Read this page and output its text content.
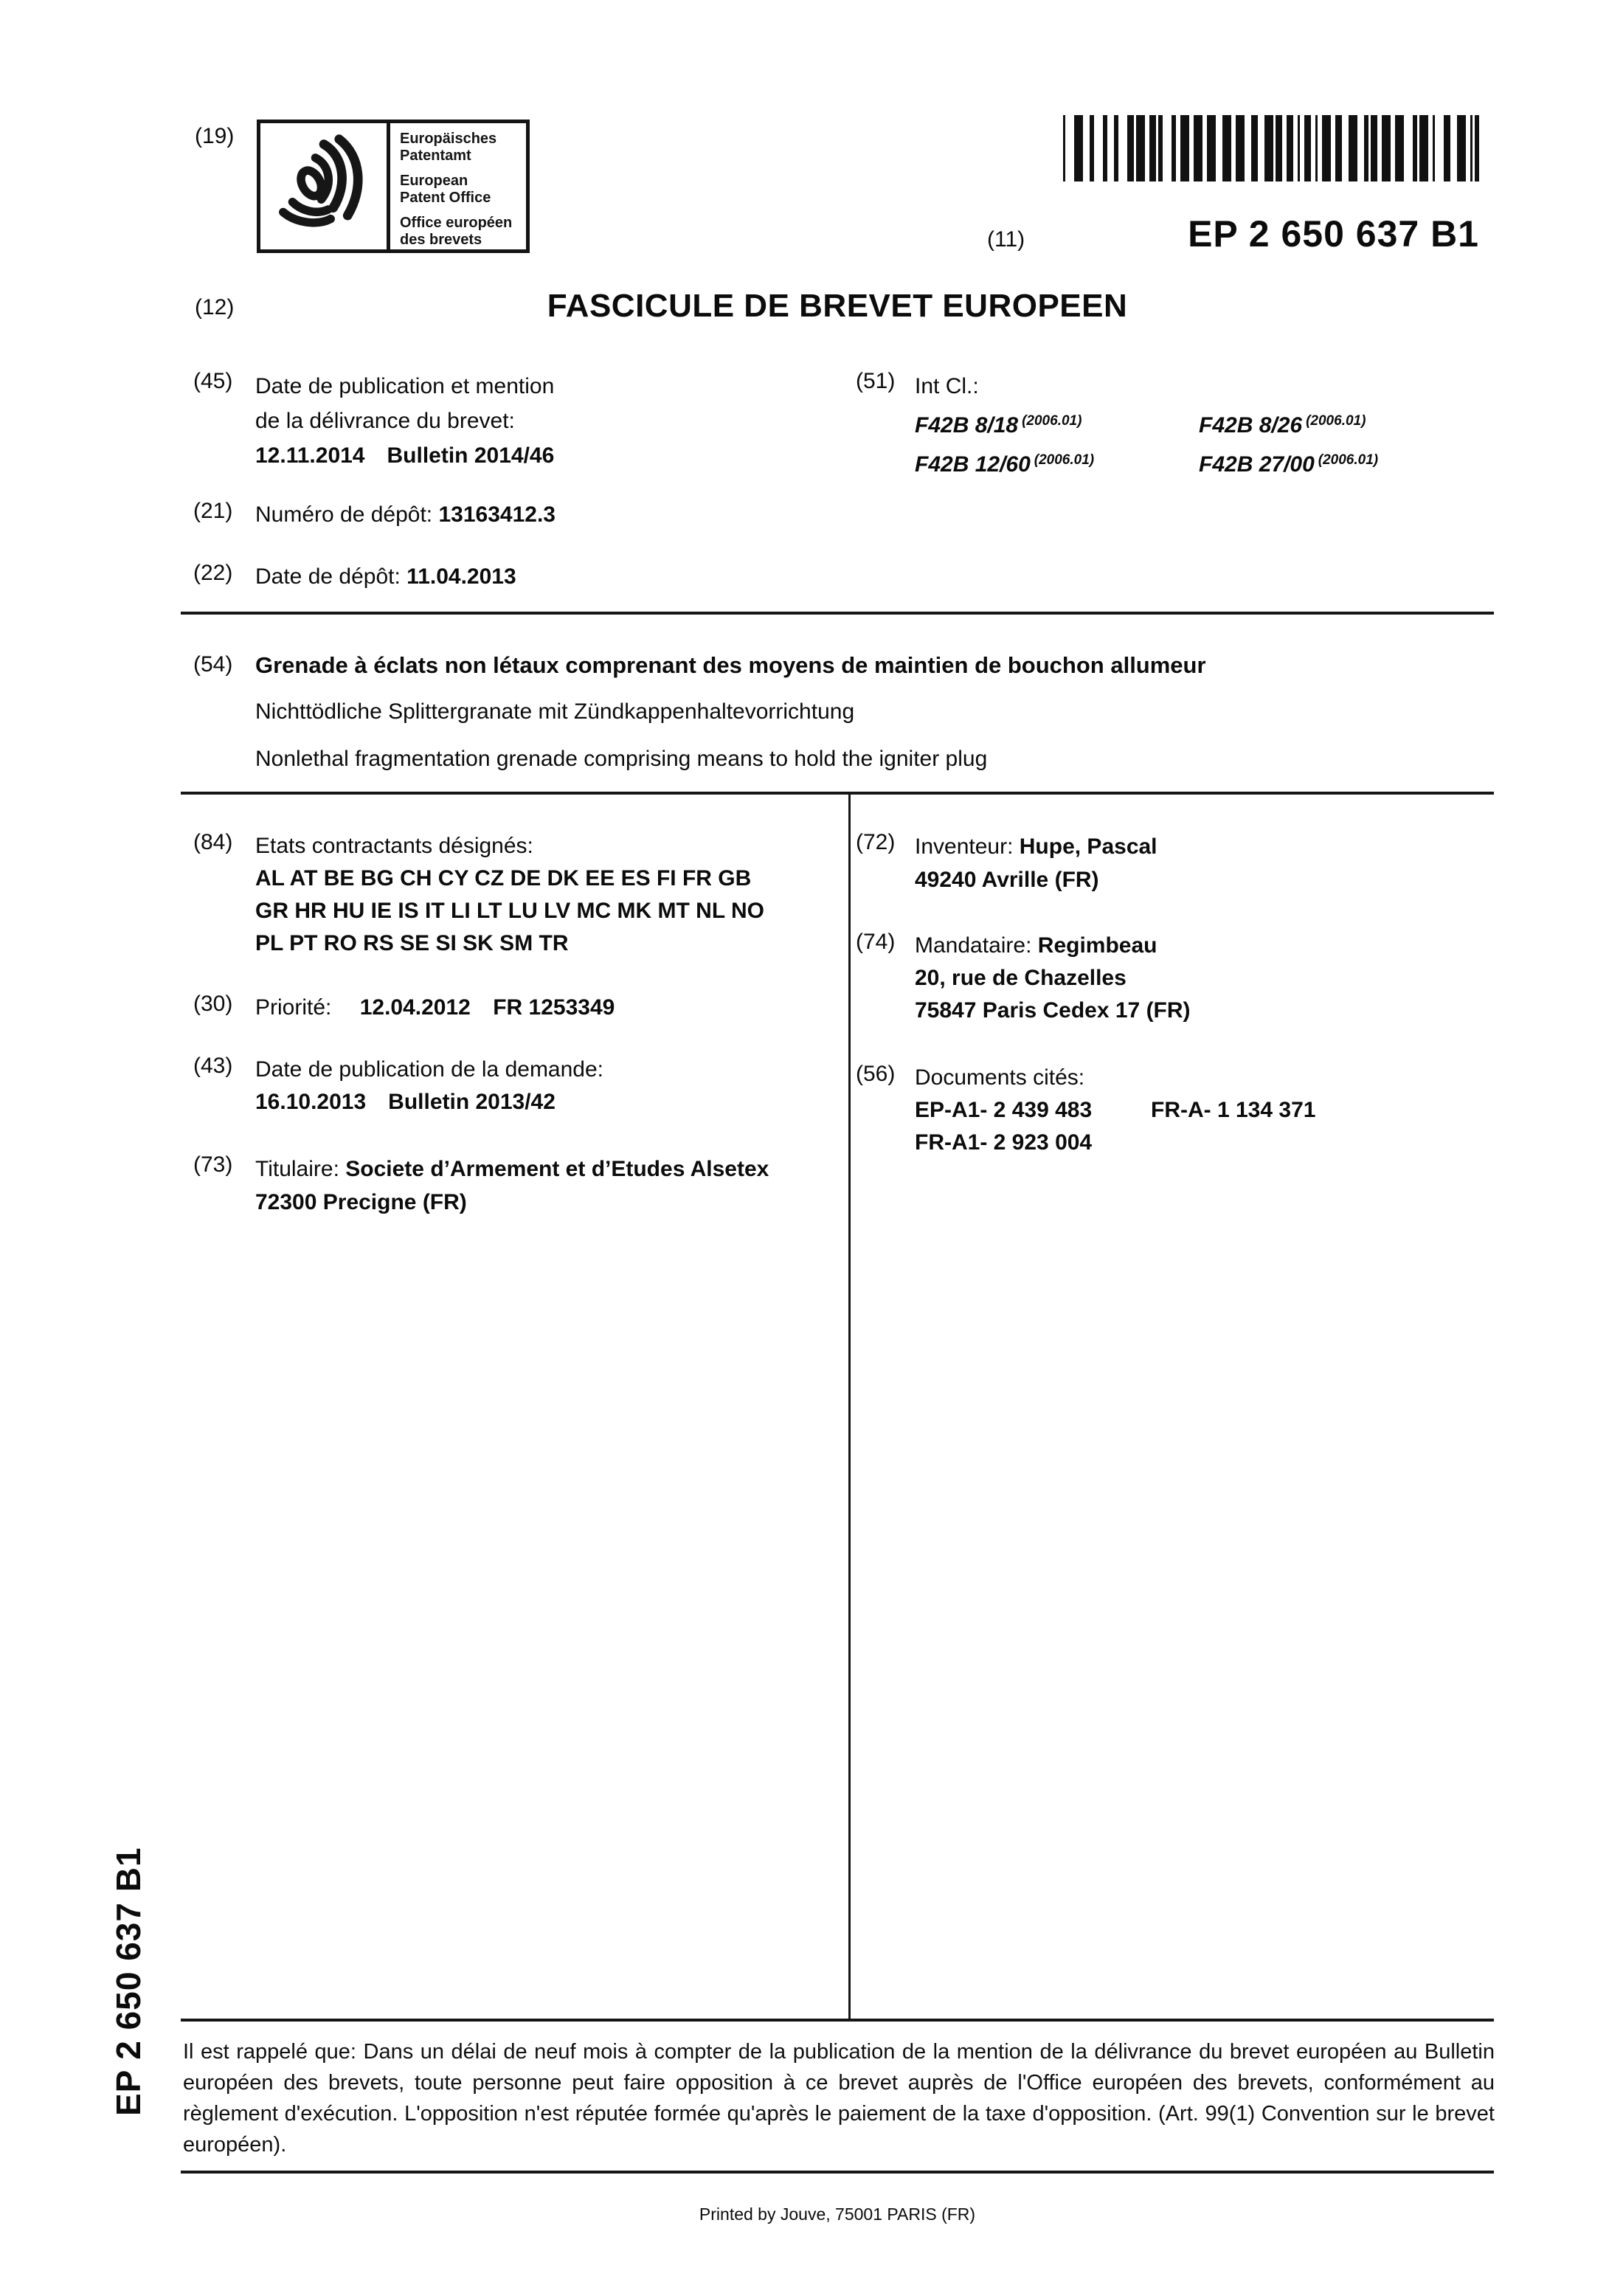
(19)	Europäisches
Patentamt
European
Patent Office
Office européen
des brevets	(11)	EP 2 650 637 B1
(12)	FASCICULE DE BREVET EUROPEEN
(45) Date de publication et mention
de la délivrance du brevet:
12.11.2014 Bulletin 2014/46
(51) Int Cl.:
F42B 8/18 $^{(2006.01)}$	F42B 8/26 $^{(2006.01)}$
F42B 12/60 $^{(2006.01)}$	F42B 27/00 $^{(2006.01)}$
(21) Numéro de dépôt: 13163412.3
(22) Date de dépôt: 11.04.2013
(54) Grenade à éclats non létaux comprenant des moyens de maintien de bouchon allumeur
Nichttödliche Splittergranate mit Zündkappenhaltevorrichtung
Nonlethal fragmentation grenade comprising means to hold the igniter plug
(84) Etats contractants désignés:
AL AT BE BG CH CY CZ DE DK EE ES FI FR GB
GR HR HU IE IS IT LI LT LU LV MC MK MT NL NO
PL PT RO RS SE SI SK SM TR
(30) Priorité: 12.04.2012 FR 1253349
(43) Date de publication de la demande:
16.10.2013 Bulletin 2013/42
(73) Titulaire: Societe d’Armement et d’Etudes Alsetex
72300 Precigne (FR)
(72) Inventeur: Hupe, Pascal
49240 Avrille (FR)
(74) Mandataire: Regimbeau
20, rue de Chazelles
75847 Paris Cedex 17 (FR)
(56) Documents cités:
EP-A1- 2 439 483	FR-A- 1 134 371
FR-A1- 2 923 004
Il est rappelé que: Dans un délai de neuf mois à compter de la publication de la mention de la délivrance du brevet européen au Bulletin européen des brevets, toute personne peut faire opposition à ce brevet auprès de l'Office européen des brevets, conformément au règlement d'exécution. L'opposition n'est réputée formée qu'après le paiement de la taxe d'opposition. (Art. 99(1) Convention sur le brevet européen).
Printed by Jouve, 75001 PARIS (FR)
EP 2 650 637 B1
